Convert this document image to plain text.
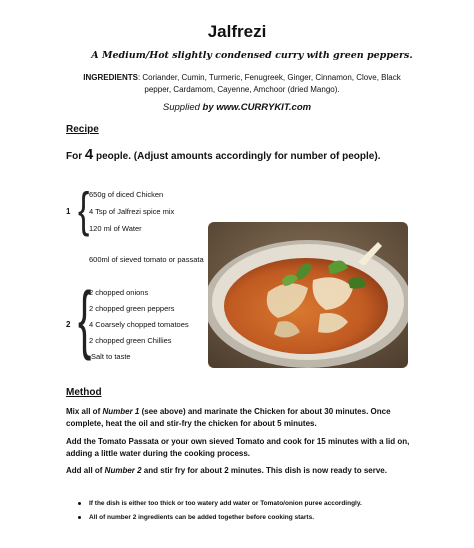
Jalfrezi
A Medium/Hot slightly condensed curry with green peppers.
INGREDIENTS: Coriander, Cumin, Turmeric, Fenugreek, Ginger, Cinnamon, Clove, Black pepper, Cardamom, Cayenne, Amchoor (dried Mango).
Supplied by www.CURRYKIT.com
Recipe
For 4 people. (Adjust amounts accordingly for number of people).
{
1
650g of diced Chicken
4 Tsp of Jalfrezi spice mix
120 ml of Water
600ml of sieved tomato or passata
{
2
2 chopped onions
2 chopped green peppers
4 Coarsely chopped tomatoes
2 chopped green Chillies
Salt to taste
Method
Mix all of Number 1 (see above) and marinate the Chicken for about 30 minutes. Once complete, heat the oil and stir-fry the chicken for about 5 minutes.
Add the Tomato Passata or your own sieved Tomato and cook for 15 minutes with a lid on, adding a little water during the cooking process.
Add all of Number 2 and stir fry for about 2 minutes. This dish is now ready to serve.
If the dish is either too thick or too watery add water or Tomato/onion puree accordingly.
All of number 2 ingredients can be added together before cooking starts.
